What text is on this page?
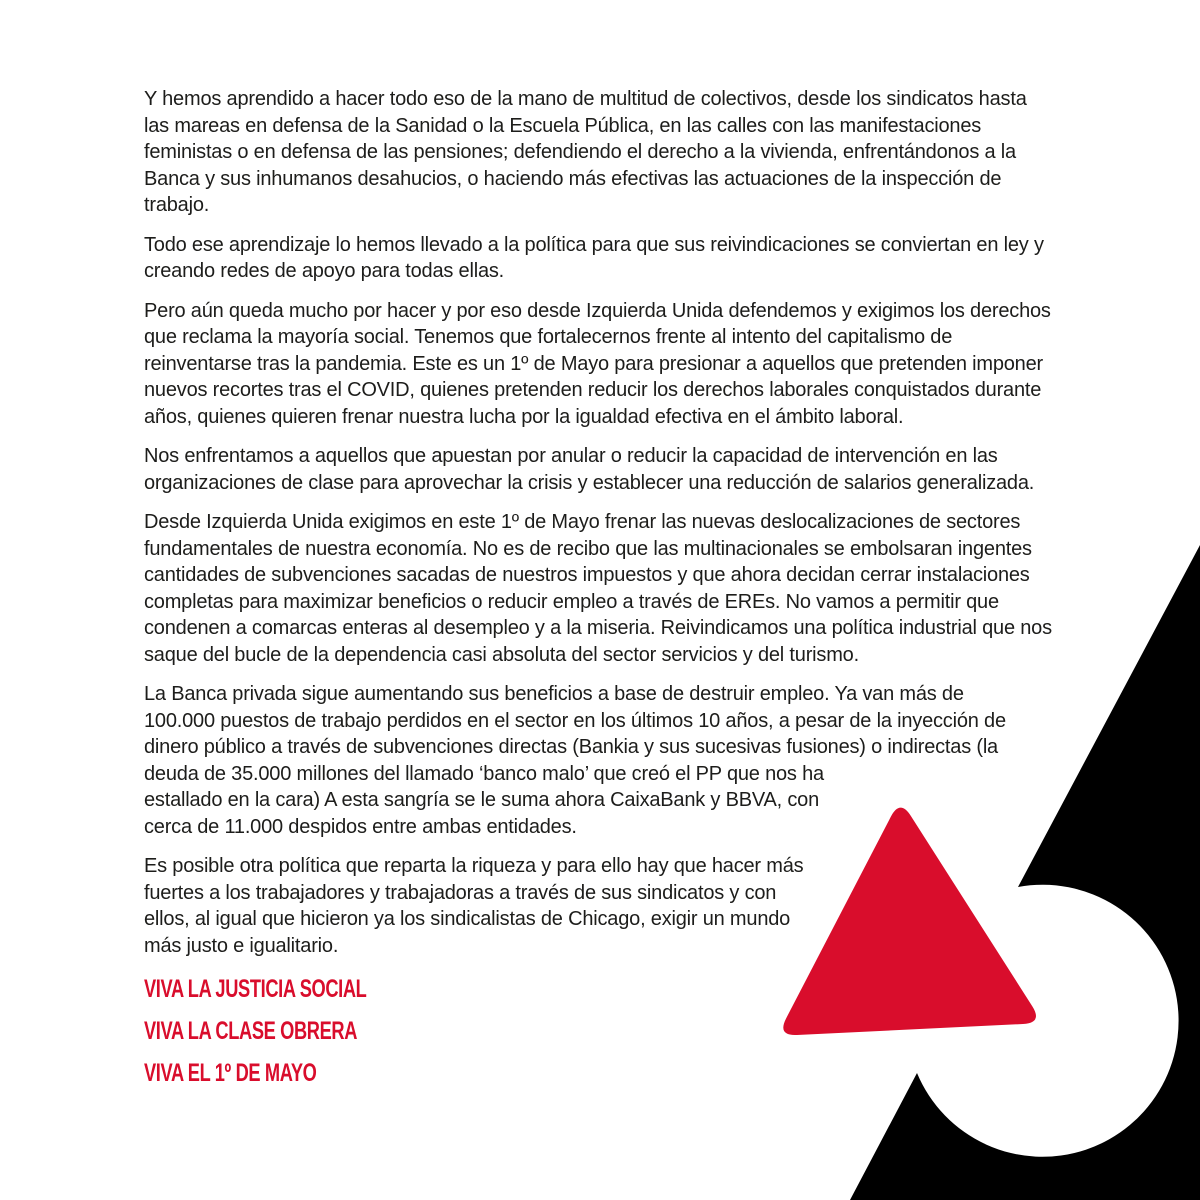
Y hemos aprendido a hacer todo eso de la mano de multitud de colectivos, desde los sindicatos hasta las mareas en defensa de la Sanidad o la Escuela Pública, en las calles con las manifestaciones feministas o en defensa de las pensiones; defendiendo el derecho a la vivienda, enfrentándonos a la Banca y sus inhumanos desahucios, o haciendo más efectivas las actuaciones de la inspección de trabajo.

Todo ese aprendizaje lo hemos llevado a la política para que sus reivindicaciones se conviertan en ley y creando redes de apoyo para todas ellas.

Pero aún queda mucho por hacer y por eso desde Izquierda Unida defendemos y exigimos los derechos que reclama la mayoría social. Tenemos que fortalecernos frente al intento del capitalismo de reinventarse tras la pandemia. Este es un 1º de Mayo para presionar a aquellos que pretenden imponer nuevos recortes tras el COVID, quienes pretenden reducir los derechos laborales conquistados durante años, quienes quieren frenar nuestra lucha por la igualdad efectiva en el ámbito laboral.

Nos enfrentamos a aquellos que apuestan por anular o reducir la capacidad de intervención en las organizaciones de clase para aprovechar la crisis y establecer una reducción de salarios generalizada.

Desde Izquierda Unida exigimos en este 1º de Mayo frenar las nuevas deslocalizaciones de sectores fundamentales de nuestra economía. No es de recibo que las multinacionales se embolsaran ingentes cantidades de subvenciones sacadas de nuestros impuestos y que ahora decidan cerrar instalaciones completas para maximizar beneficios o reducir empleo a través de EREs. No vamos a permitir que condenen a comarcas enteras al desempleo y a la miseria. Reivindicamos una política industrial que nos saque del bucle de la dependencia casi absoluta del sector servicios y del turismo.

La Banca privada sigue aumentando sus beneficios a base de destruir empleo. Ya van más de 100.000 puestos de trabajo perdidos en el sector en los últimos 10 años, a pesar de la inyección de dinero público a través de subvenciones directas (Bankia y sus sucesivas fusiones) o indirectas (la deuda de 35.000 millones del llamado ‘banco malo’ que creó el PP que nos ha estallado en la cara) A esta sangría se le suma ahora CaixaBank y BBVA, con cerca de 11.000 despidos entre ambas entidades.

Es posible otra política que reparta la riqueza y para ello hay que hacer más fuertes a los trabajadores y trabajadoras a través de sus sindicatos y con ellos, al igual que hicieron ya los sindicalistas de Chicago, exigir un mundo más justo e igualitario.

VIVA LA JUSTICIA SOCIAL
VIVA LA CLASE OBRERA
VIVA EL 1º DE MAYO
